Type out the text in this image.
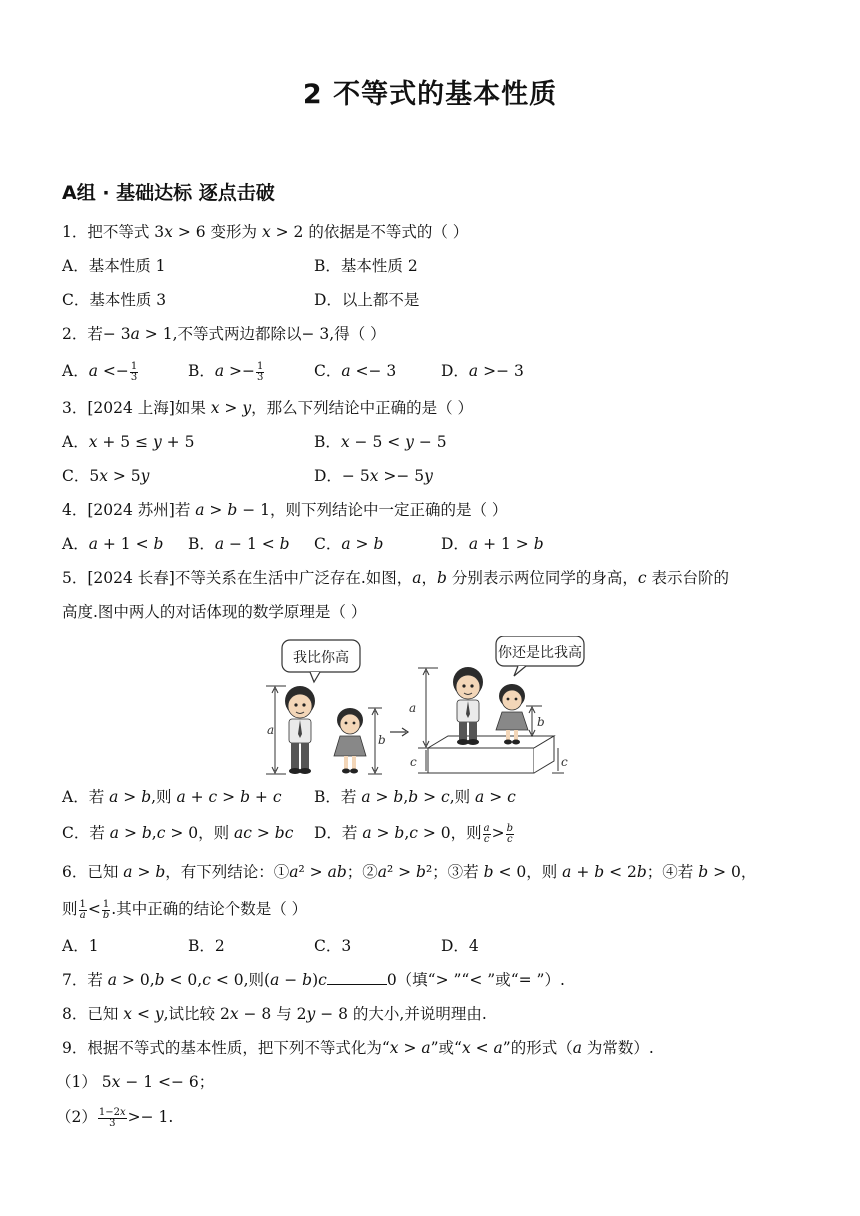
2 不等式的基本性质
A组 · 基础达标 逐点击破
1．把不等式 3𝑥 > 6 变形为 𝑥 > 2 的依据是不等式的（ ）
A．基本性质 1	B．基本性质 2
C．基本性质 3	D．以上都不是
2．若− 3𝑎 > 1,不等式两边都除以− 3,得（ ）
A．𝑎 <− $\frac{1}{3}$	B．𝑎 >− $\frac{1}{3}$	C．𝑎 <− 3	D．𝑎 >− 3
3．[2024 上海]如果 𝑥 > 𝑦，那么下列结论中正确的是（ ）
A．𝑥 + 5 ≤ 𝑦 + 5	B．𝑥 − 5 < 𝑦 − 5
C．5𝑥 > 5𝑦	D．− 5𝑥 >− 5𝑦
4．[2024 苏州]若 𝑎 > 𝑏 − 1，则下列结论中一定正确的是（ ）
A．𝑎 + 1 < 𝑏 B．𝑎 − 1 < 𝑏 C．𝑎 > 𝑏	D．𝑎 + 1 > 𝑏
5．[2024 长春]不等关系在生活中广泛存在.如图，𝑎，𝑏 分别表示两位同学的身高，𝑐 表示台阶的
高度.图中两人的对话体现的数学原理是（ ）
我比你高
a
b
a
c
b
c
你还是比我高
A．若 𝑎 > 𝑏,则 𝑎 + 𝑐 > 𝑏 + 𝑐 B．若 𝑎 > 𝑏,𝑏 > 𝑐,则 𝑎 > 𝑐
C．若 𝑎 > 𝑏,𝑐 > 0，则 𝑎𝑐 > 𝑏𝑐 D．若 𝑎 > 𝑏,𝑐 > 0，则 $\frac{\text{𝑎}}{\text{𝑐}} > \frac{\text{𝑏}}{\text{𝑐}}$
6．已知 𝑎 > 𝑏，有下列结论：①𝑎² > 𝑎𝑏；②𝑎² > 𝑏²；③若 𝑏 < 0，则 𝑎 + 𝑏 < 2𝑏；④若 𝑏 > 0，
则 $\frac{1}{\text{𝑎}} < \frac{1}{\text{𝑏}}$ .其中正确的结论个数是（ ）
A．1	B．2	C．3	D．4
7．若 𝑎 > 0,𝑏 < 0,𝑐 < 0,则(𝑎 − 𝑏)𝑐	0（填“> ”“< ”或“= ”）.
8．已知 𝑥 < 𝑦,试比较 2𝑥 − 8 与 2𝑦 − 8 的大小,并说明理由.
9．根据不等式的基本性质，把下列不等式化为“𝑥 > 𝑎”或“𝑥 < 𝑎”的形式（𝑎 为常数）.
（1） 5𝑥 − 1 <− 6；
$(2) \frac{\text{1−2𝑥}}{3} >- 1$.
